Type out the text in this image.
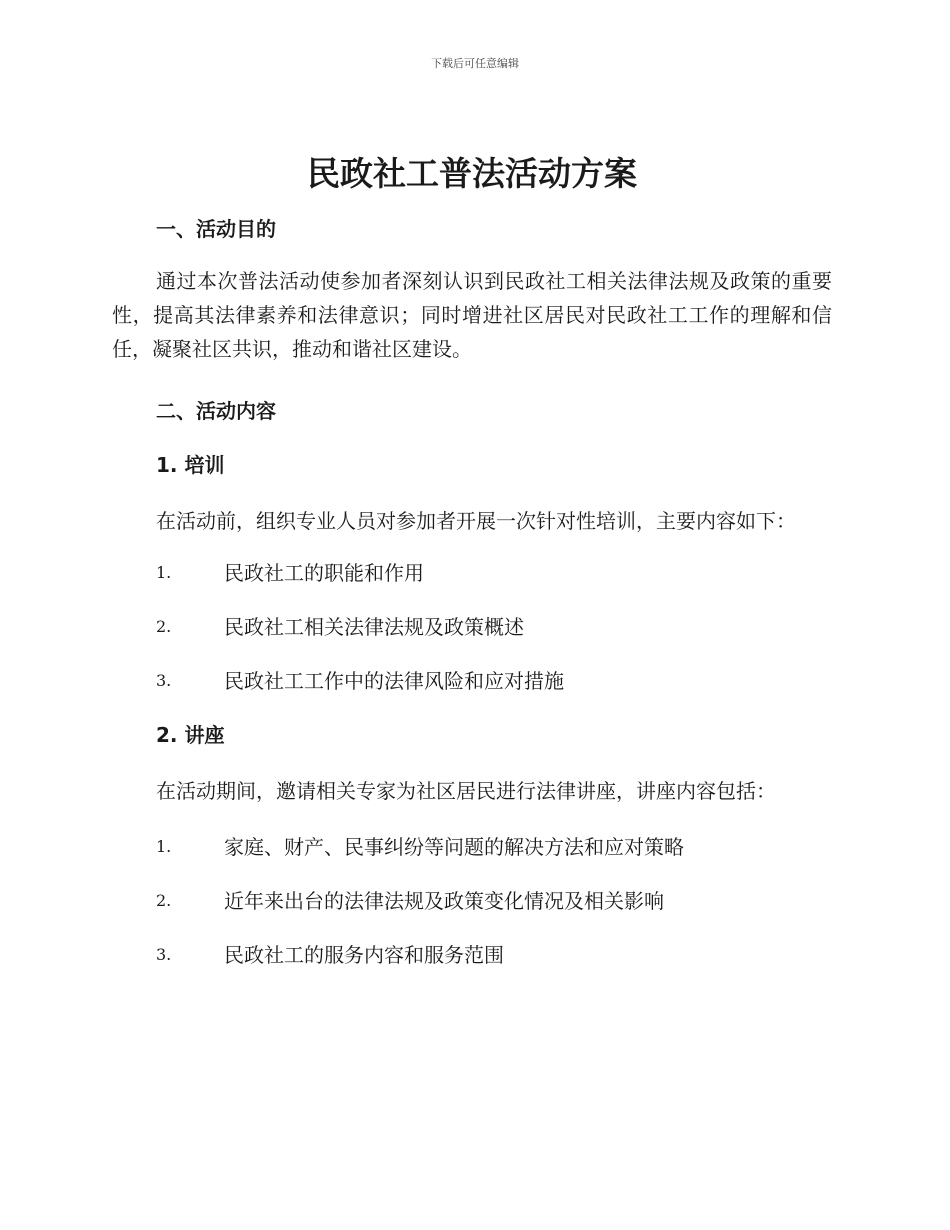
下载后可任意编辑
民政社工普法活动方案
一、活动目的

通过本次普法活动使参加者深刻认识到民政社工相关法律法规及政策的重要性，提高其法律素养和法律意识；同时增进社区居民对民政社工工作的理解和信任，凝聚社区共识，推动和谐社区建设。

二、活动内容
1. 培训

在活动前，组织专业人员对参加者开展一次针对性培训，主要内容如下：

1.	民政社工的职能和作用
2.	民政社工相关法律法规及政策概述
3.	民政社工工作中的法律风险和应对措施
2. 讲座

在活动期间，邀请相关专家为社区居民进行法律讲座，讲座内容包括：

1.	家庭、财产、民事纠纷等问题的解决方法和应对策略
2.	近年来出台的法律法规及政策变化情况及相关影响
3.	民政社工的服务内容和服务范围
